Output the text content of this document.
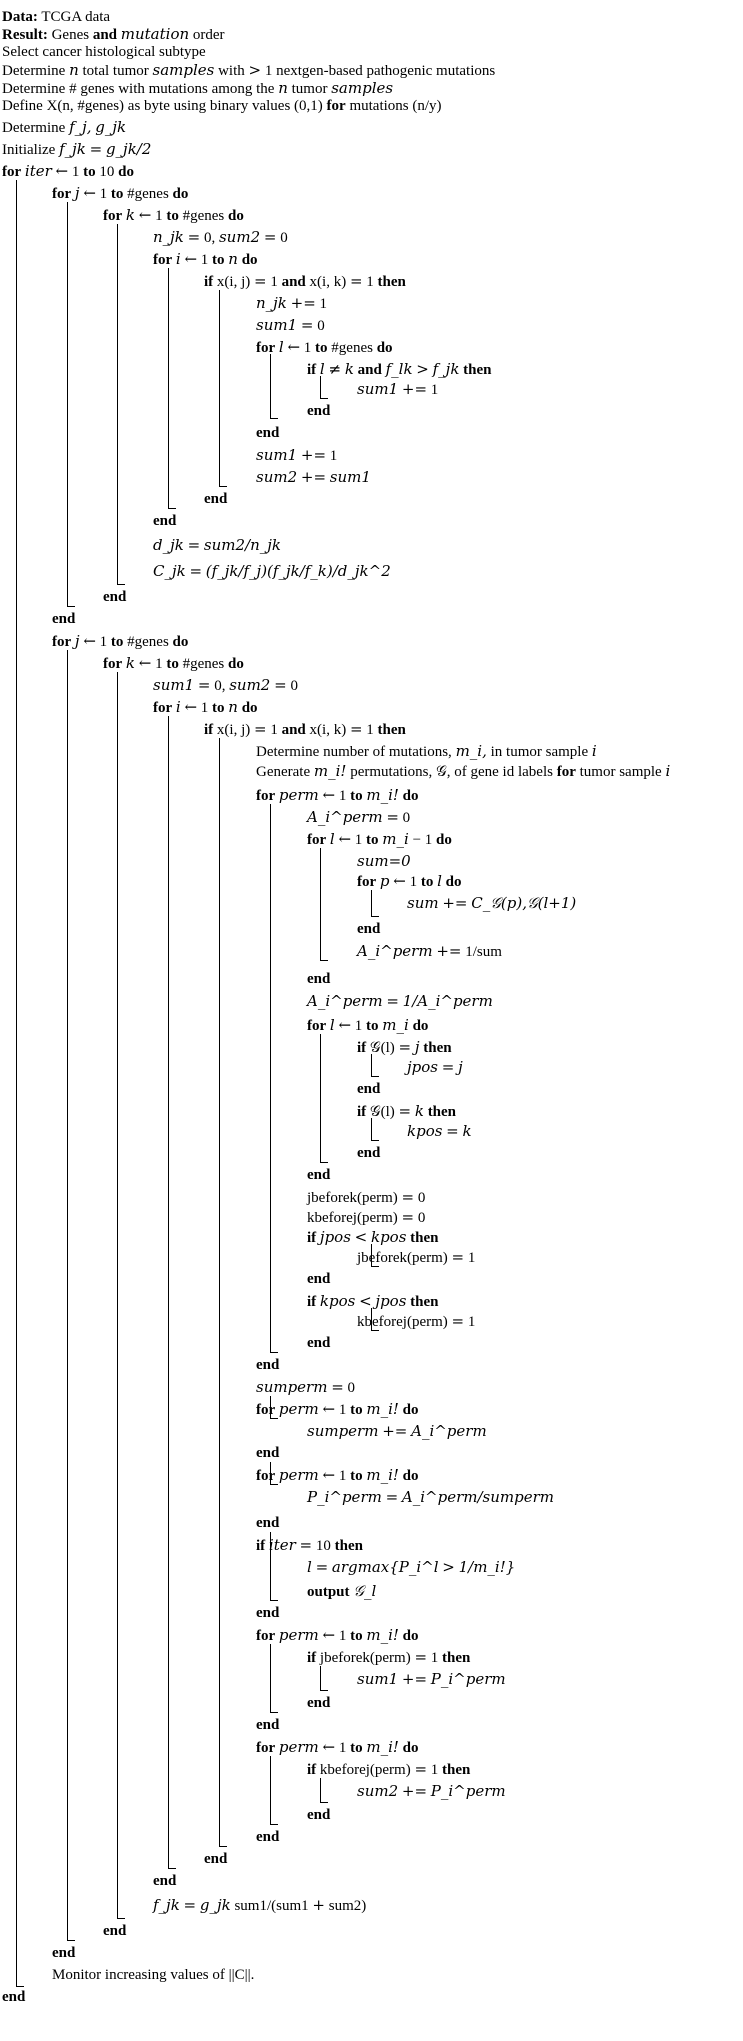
Data: TCGA data
Result: Genes and mutation order
Select cancer histological subtype
Determine n total tumor samples with > 1 nextgen-based pathogenic mutations
Determine # genes with mutations among the n tumor samples
Define X(n, #genes) as byte using binary values (0,1) for mutations (n/y)
Determine f_j, g_jk
Initialize f_jk = g_jk/2
for iter ← 1 to 10 do
for j ← 1 to #genes do
for k ← 1 to #genes do
n_jk = 0, sum2 = 0
for i ← 1 to n do
if x(i, j) = 1 and x(i, k) = 1 then
n_jk += 1
sum1 = 0
for l ← 1 to #genes do
if l ≠ k and f_lk > f_jk then
sum1 += 1
end
end
sum1 += 1
sum2 += sum1
end
end
d_jk = sum2/n_jk
C_jk = (f_jk/f_j)(f_jk/f_k)/d_jk^2
end
end
for j ← 1 to #genes do
for k ← 1 to #genes do
sum1 = 0, sum2 = 0
for i ← 1 to n do
if x(i, j) = 1 and x(i, k) = 1 then
Determine number of mutations, m_i, in tumor sample i
Generate m_i! permutations, 𝒢, of gene id labels for tumor sample i
for perm ← 1 to m_i! do
A_i^perm = 0
for l ← 1 to m_i − 1 do
sum=0
for p ← 1 to l do
sum += C_𝒢(p),𝒢(l+1)
end
A_i^perm += 1/sum
end
A_i^perm = 1/A_i^perm
for l ← 1 to m_i do
if 𝒢(l) = j then
jpos = j
end
if 𝒢(l) = k then
kpos = k
end
end
jbeforek(perm) = 0
kbeforej(perm) = 0
if jpos < kpos then
jbeforek(perm) = 1
end
if kpos < jpos then
kbeforej(perm) = 1
end
end
sumperm = 0
for perm ← 1 to m_i! do
sumperm += A_i^perm
end
for perm ← 1 to m_i! do
P_i^perm = A_i^perm/sumperm
end
if iter = 10 then
l = argmax{P_i^l > 1/m_i!}
output 𝒢_l
end
for perm ← 1 to m_i! do
if jbeforek(perm) = 1 then
sum1 += P_i^perm
end
end
for perm ← 1 to m_i! do
if kbeforej(perm) = 1 then
sum2 += P_i^perm
end
end
end
end
f_jk = g_jk sum1/(sum1 + sum2)
end
end
Monitor increasing values of ||C||.
end
